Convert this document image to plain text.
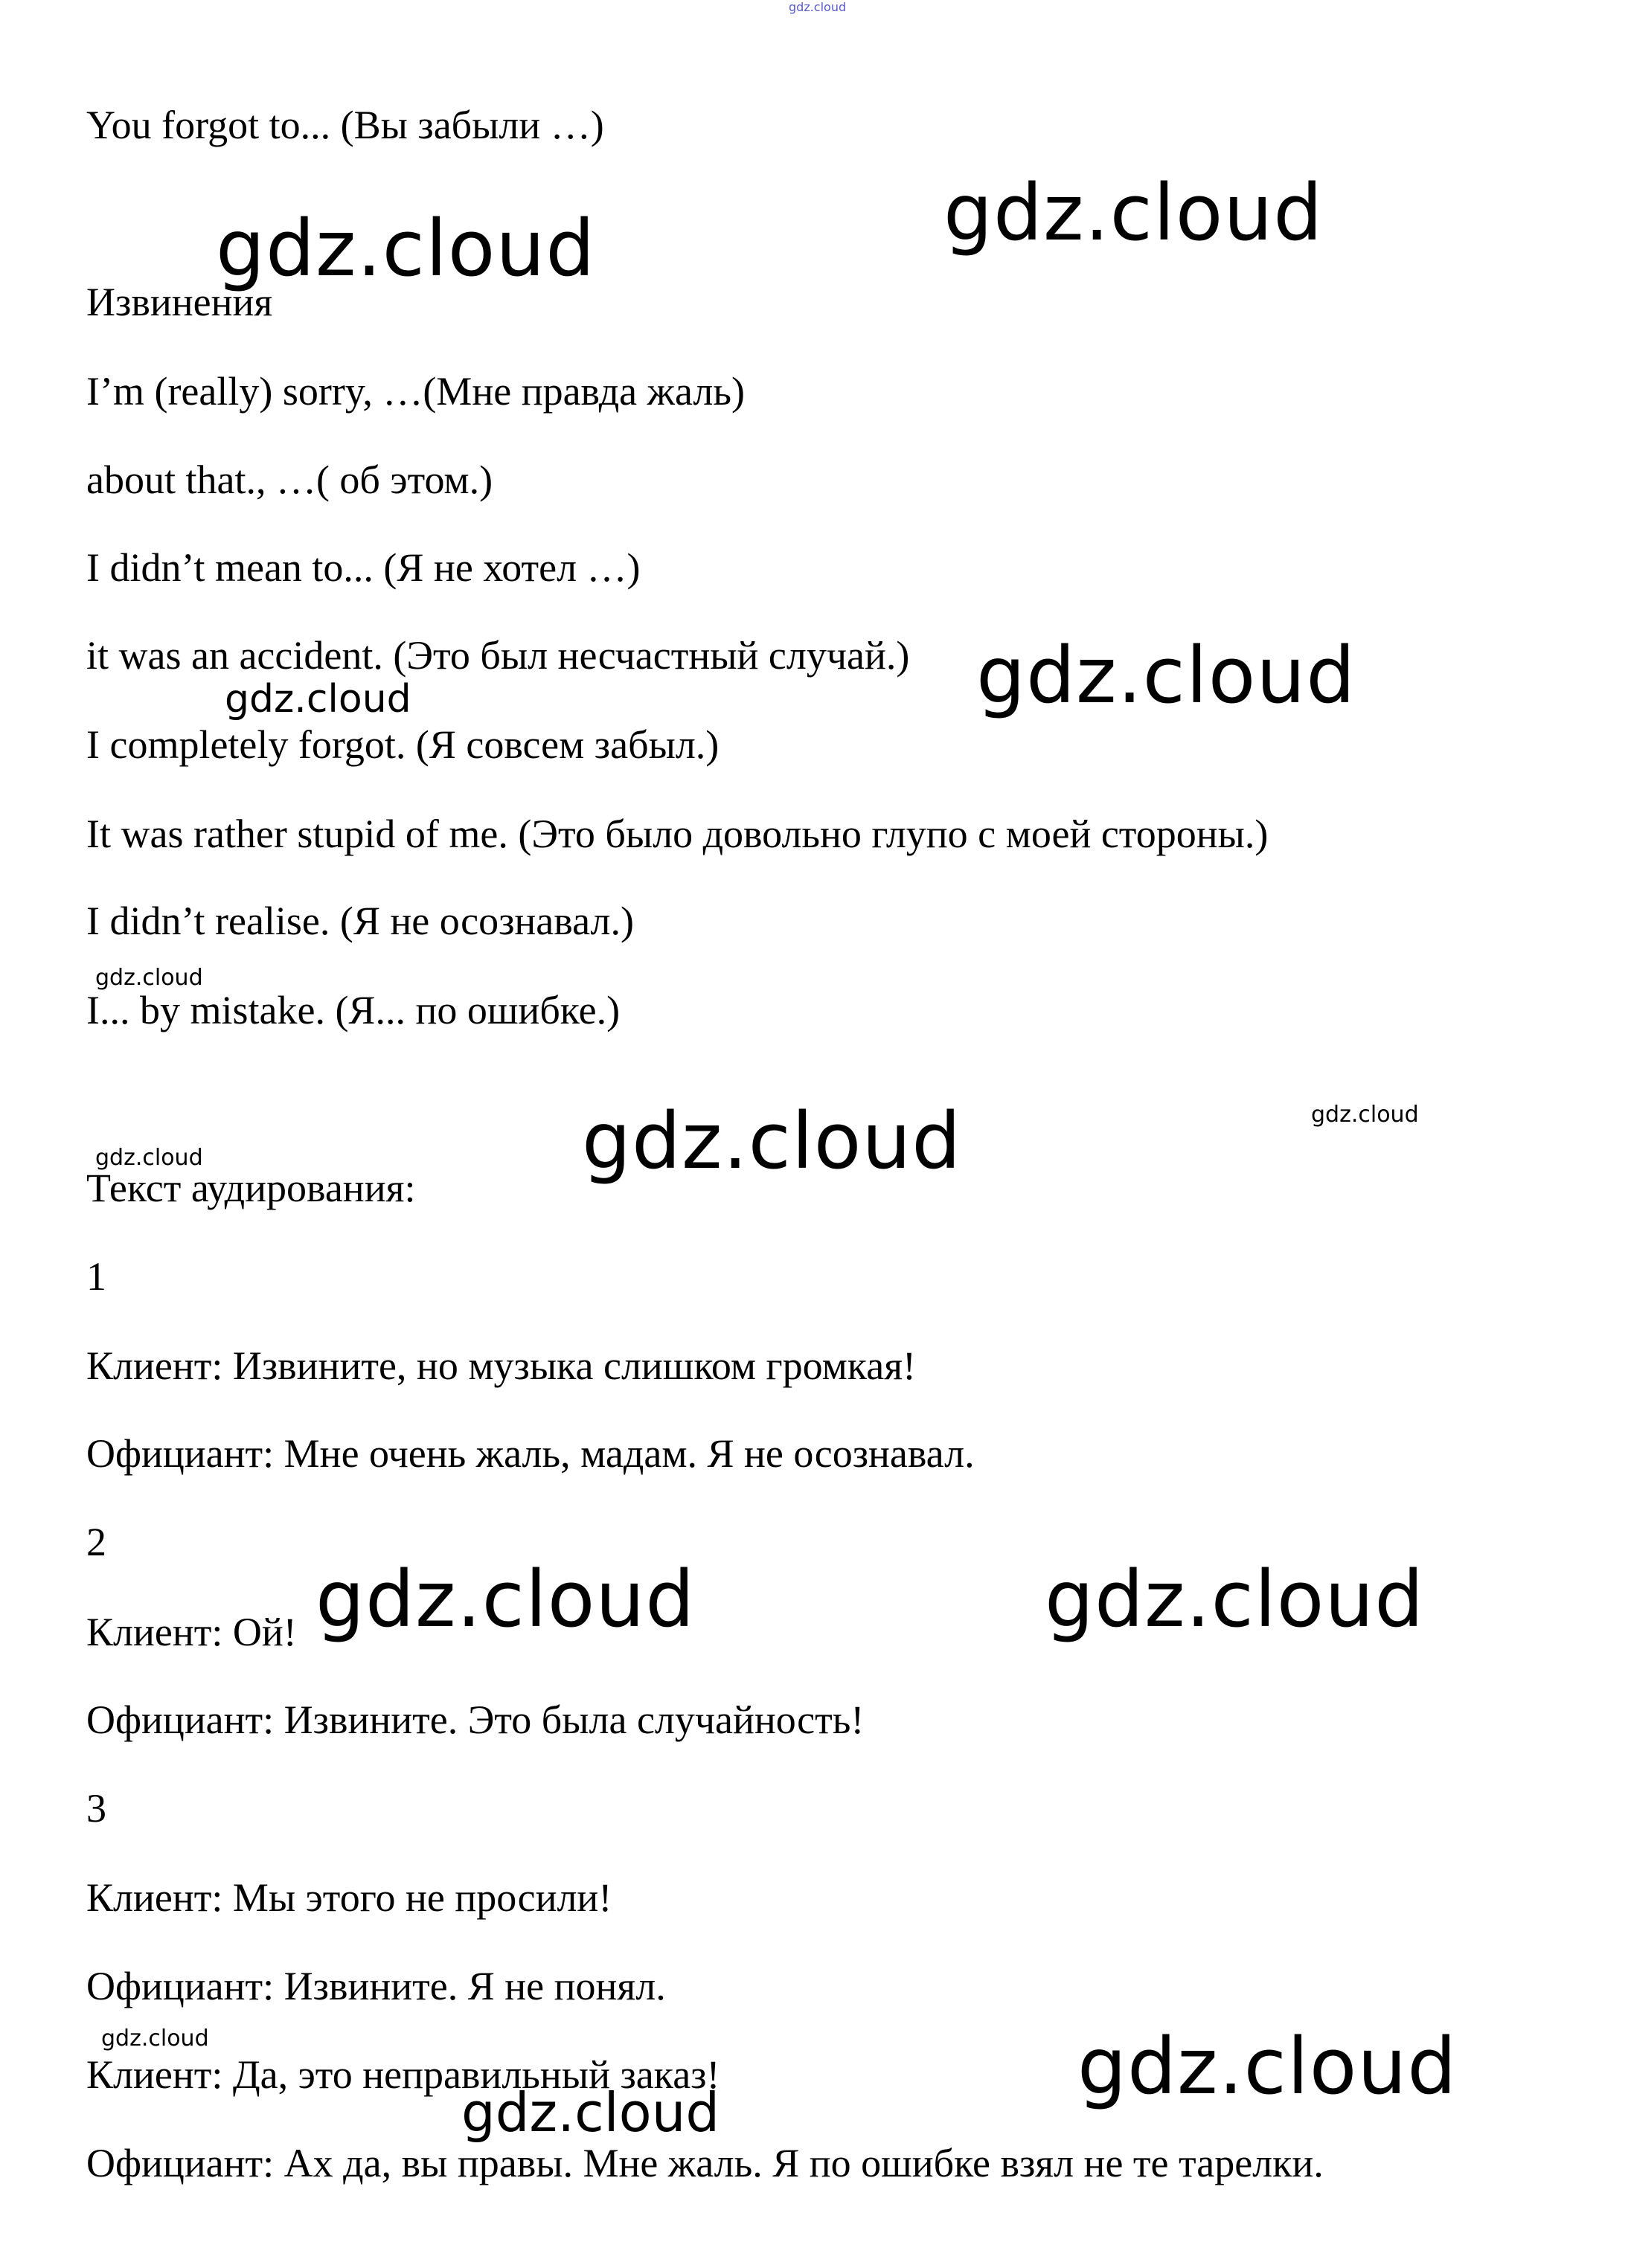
You forgot to... (Вы забыли …)
Извинения
I’m (really) sorry, …(Мне правда жаль)
about that., …( об этом.)
I didn’t mean to... (Я не хотел …)
it was an accident. (Это был несчастный случай.)
I completely forgot. (Я совсем забыл.)
It was rather stupid of me. (Это было довольно глупо с моей стороны.)
I didn’t realise. (Я не осознавал.)
I... by mistake. (Я... по ошибке.)
Текст аудирования:
1
Клиент: Извините, но музыка слишком громкая!
Официант: Мне очень жаль, мадам. Я не осознавал.
2
Клиент: Ой!
Официант: Извините. Это была случайность!
3
Клиент: Мы этого не просили!
Официант: Извините. Я не понял.
Клиент: Да, это неправильный заказ!
Официант: Ах да, вы правы. Мне жаль. Я по ошибке взял не те тарелки.
gdz.cloud
gdz.cloud
gdz.cloud
gdz.cloud
gdz.cloud
gdz.cloud
gdz.cloud	gdz.cloud
gdz.cloud
gdz.cloud	gdz.cloud
gdz.cloud	gdz.cloud
gdz.cloud
